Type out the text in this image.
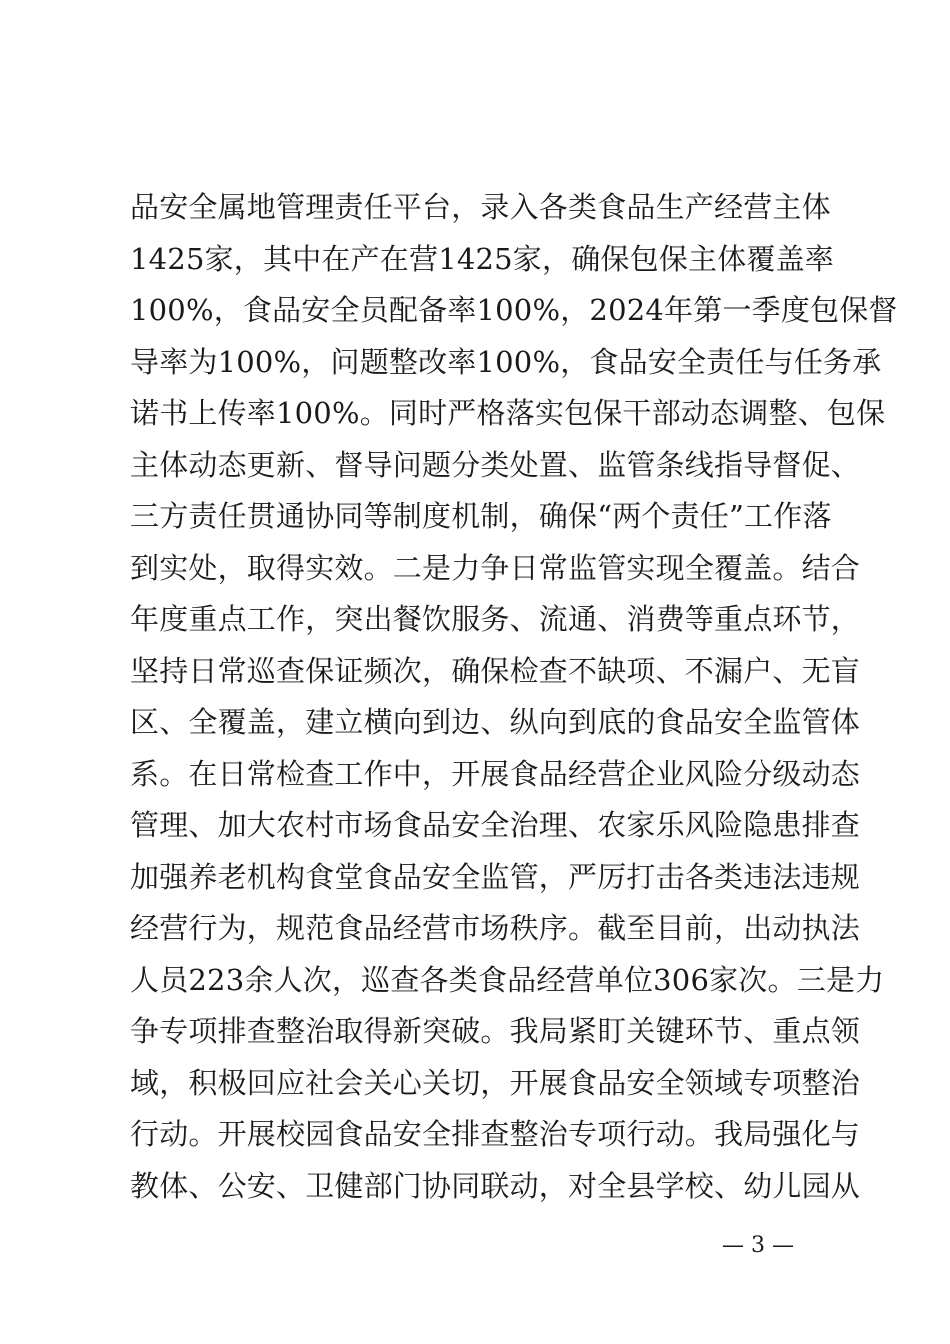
品安全属地管理责任平台，录入各类食品生产经营主体
1425家，其中在产在营1425家，确保包保主体覆盖率
100%，食品安全员配备率100%，2024年第一季度包保督
导率为100%，问题整改率100%，食品安全责任与任务承
诺书上传率100%。同时严格落实包保干部动态调整、包保
主体动态更新、督导问题分类处置、监管条线指导督促、
三方责任贯通协同等制度机制，确保“两个责任”工作落
到实处，取得实效。二是力争日常监管实现全覆盖。结合
年度重点工作，突出餐饮服务、流通、消费等重点环节，
坚持日常巡查保证频次，确保检查不缺项、不漏户、无盲
区、全覆盖，建立横向到边、纵向到底的食品安全监管体
系。在日常检查工作中，开展食品经营企业风险分级动态
管理、加大农村市场食品安全治理、农家乐风险隐患排查
加强养老机构食堂食品安全监管，严厉打击各类违法违规
经营行为，规范食品经营市场秩序。截至目前，出动执法
人员223余人次，巡查各类食品经营单位306家次。三是力
争专项排查整治取得新突破。我局紧盯关键环节、重点领
域，积极回应社会关心关切，开展食品安全领域专项整治
行动。开展校园食品安全排查整治专项行动。我局强化与
教体、公安、卫健部门协同联动，对全县学校、幼儿园从
— 3 —
